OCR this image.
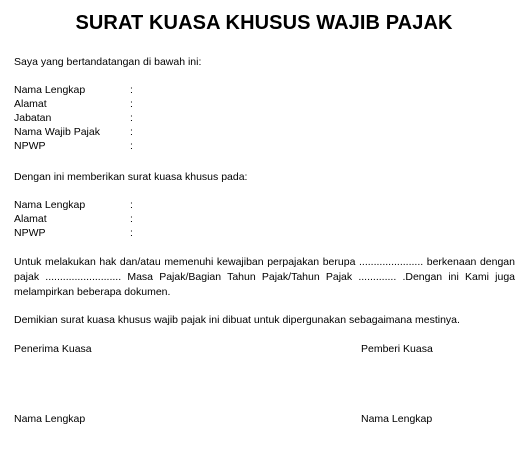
SURAT KUASA KHUSUS WAJIB PAJAK
Saya yang bertandatangan di bawah ini:
Nama Lengkap	:
Alamat	:
Jabatan	:
Nama Wajib Pajak	:
NPWP	:
Dengan ini memberikan surat kuasa khusus pada:
Nama Lengkap	:
Alamat	:
NPWP	:
Untuk melakukan hak dan/atau memenuhi kewajiban perpajakan berupa ...................... berkenaan dengan pajak .......................... Masa Pajak/Bagian Tahun Pajak/Tahun Pajak ............. .Dengan ini Kami juga melampirkan beberapa dokumen.
Demikian surat kuasa khusus wajib pajak ini dibuat untuk dipergunakan sebagaimana mestinya.
Penerima Kuasa	Pemberi Kuasa
Nama Lengkap	Nama Lengkap
